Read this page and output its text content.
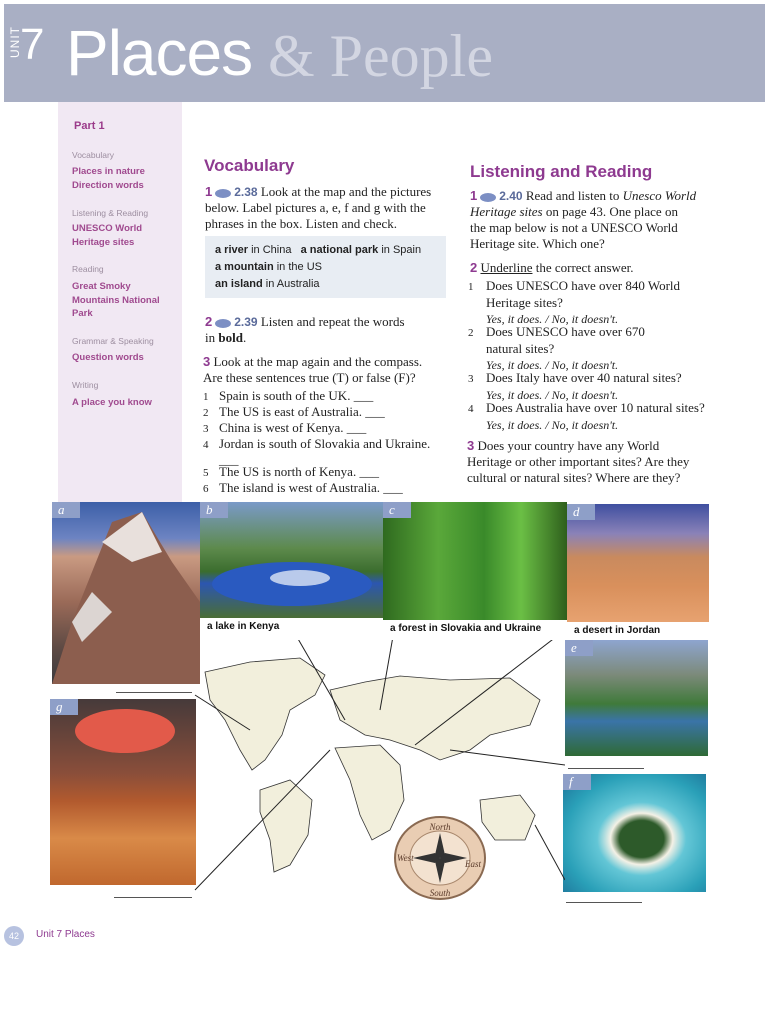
UNIT
7 Places & People
Part 1
Vocabulary
Places in nature
Direction words
Listening & Reading
UNESCO World
Heritage sites
Reading
Great Smoky
Mountains National
Park
Grammar & Speaking
Question words
Writing
A place you know
Vocabulary
1 2.38 Look at the map and the pictures
below. Label pictures a, e, f and g with the
phrases in the box. Listen and check.
a river in China a national park in Spain
a mountain in the US
an island in Australia
2 2.39 Listen and repeat the words
in bold.
3 Look at the map again and the compass.
Are these sentences true (T) or false (F)?
1 Spain is south of the UK. ___
2 The US is east of Australia. ___
3 China is west of Kenya. ___
4 Jordan is south of Slovakia and Ukraine.
___
5 The US is north of Kenya. ___
6 The island is west of Australia. ___
Listening and Reading
1 2.40 Read and listen to Unesco World
Heritage sites on page 43. One place on
the map below is not a UNESCO World
Heritage site. Which one?
2 Underline the correct answer.
1 Does UNESCO have over 840 World
Heritage sites?
Yes, it does. / No, it doesn't.
2 Does UNESCO have over 670
natural sites?
Yes, it does. / No, it doesn't.
3 Does Italy have over 40 natural sites?
Yes, it does. / No, it doesn't.
4 Does Australia have over 10 natural sites?
Yes, it does. / No, it doesn't.
3 Does your country have any World
Heritage or other important sites? Are they
cultural or natural sites? Where are they?
a	b	c	d
e
f
g
a lake in Kenya	a forest in Slovakia and Ukraine	a desert in Jordan
North
South
West
East
42	Unit 7 Places
